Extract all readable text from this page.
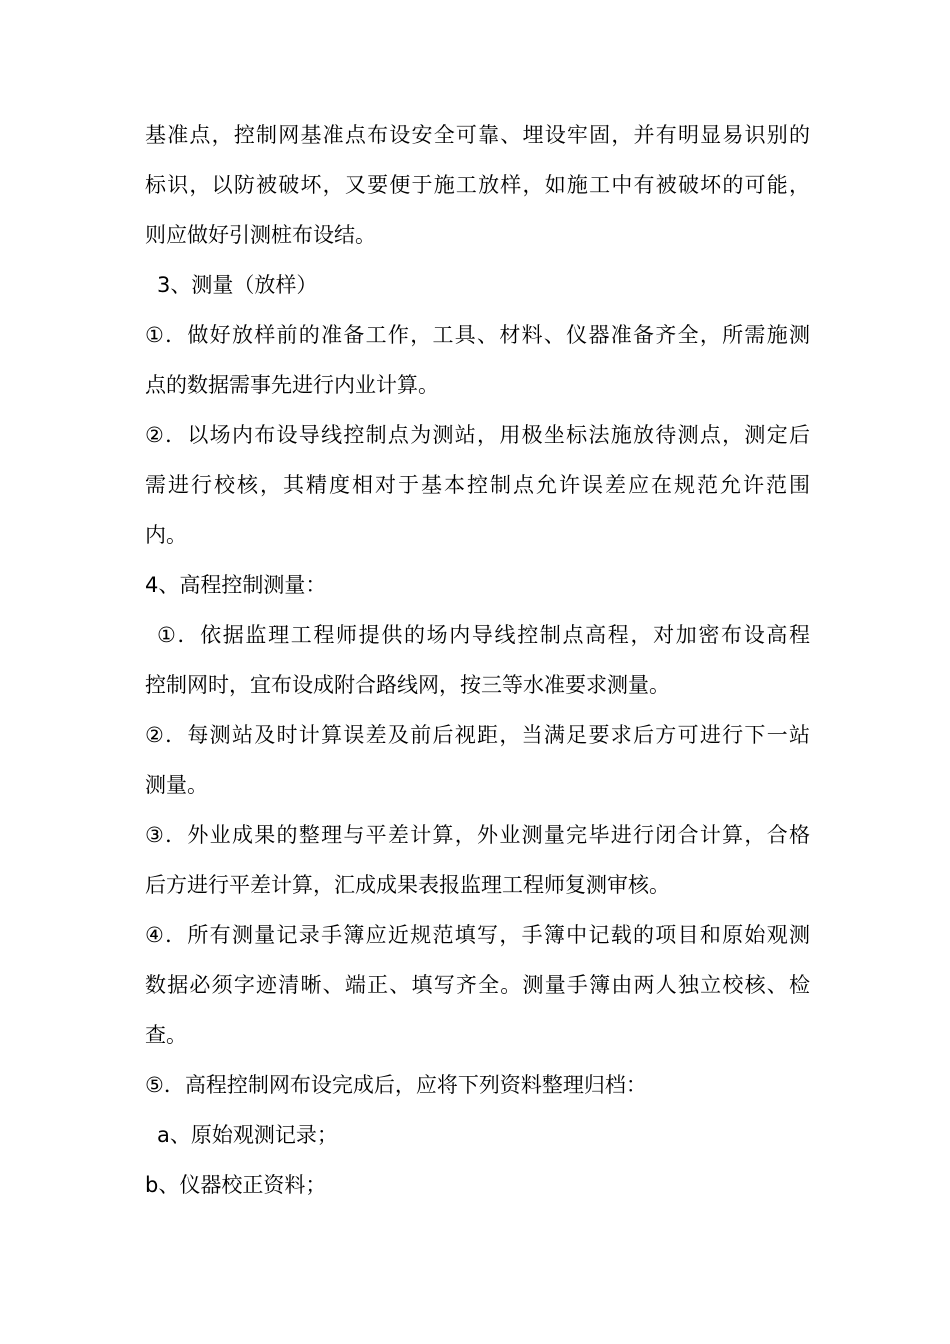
基准点，控制网基准点布设安全可靠、埋设牢固，并有明显易识别的
标识，以防被破坏，又要便于施工放样，如施工中有被破坏的可能，
则应做好引测桩布设结。
3、测量（放样）
①．做好放样前的准备工作，工具、材料、仪器准备齐全，所需施测
点的数据需事先进行内业计算。
②．以场内布设导线控制点为测站，用极坐标法施放待测点，测定后
需进行校核，其精度相对于基本控制点允许误差应在规范允许范围
内。
4、高程控制测量：
①．依据监理工程师提供的场内导线控制点高程，对加密布设高程
控制网时，宜布设成附合路线网，按三等水准要求测量。
②．每测站及时计算误差及前后视距，当满足要求后方可进行下一站
测量。
③．外业成果的整理与平差计算，外业测量完毕进行闭合计算，合格
后方进行平差计算，汇成成果表报监理工程师复测审核。
④．所有测量记录手簿应近规范填写，手簿中记载的项目和原始观测
数据必须字迹清晰、端正、填写齐全。测量手簿由两人独立校核、检
查。
⑤．高程控制网布设完成后，应将下列资料整理归档：
a、原始观测记录；
b、仪器校正资料；
